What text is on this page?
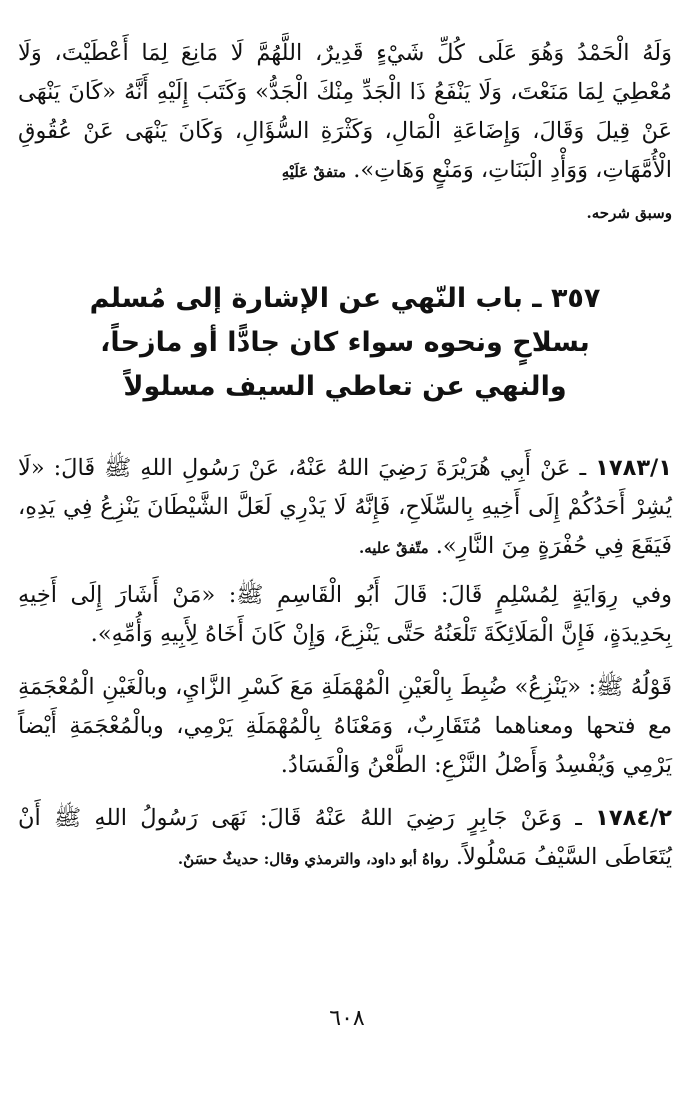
وَلَهُ الْحَمْدُ وَهُوَ عَلَى كُلِّ شَيْءٍ قَدِيرٌ، اللَّهُمَّ لَا مَانِعَ لِمَا أَعْطَيْتَ، وَلَا مُعْطِيَ لِمَا مَنَعْتَ، وَلَا يَنْفَعُ ذَا الْجَدِّ مِنْكَ الْجَدُّ» وَكَتَبَ إِلَيْهِ أَنَّهُ «كَانَ يَنْهَى عَنْ قِيلَ وَقَالَ، وَإِضَاعَةِ الْمَالِ، وَكَثْرَةِ السُّؤَالِ، وَكَانَ يَنْهَى عَنْ عُقُوقِ الْأُمَّهَاتِ، وَوَأْدِ الْبَنَاتِ، وَمَنْعٍ وَهَاتِ». متفقٌ عَلَيْهِ
وسبق شرحه.

٣٥٧ ـ باب النّهي عن الإشارة إلى مُسلم
بسلاحٍ ونحوه سواء كان جادًّا أو مازحاً،
والنهي عن تعاطي السيف مسلولاً

١٧٨٣/١ ـ عَنْ أَبِي هُرَيْرَةَ رَضِيَ اللهُ عَنْهُ، عَنْ رَسُولِ اللهِ ﷺ قَالَ: «لَا يُشِرْ أَحَدُكُمْ إِلَى أَخِيهِ بِالسِّلَاحِ، فَإِنَّهُ لَا يَدْرِي لَعَلَّ الشَّيْطَانَ يَنْزِعُ فِي يَدِهِ، فَيَقَعَ فِي حُفْرَةٍ مِنَ النَّارِ». متّفقٌ عليه.

وفي رِوَايَةٍ لِمُسْلِمٍ قَالَ: قَالَ أَبُو الْقَاسِمِ ﷺ: «مَنْ أَشَارَ إِلَى أَخِيهِ بِحَدِيدَةٍ، فَإِنَّ الْمَلَائِكَةَ تَلْعَنُهُ حَتَّى يَنْزِعَ، وَإِنْ كَانَ أَخَاهُ لِأَبِيهِ وَأُمِّهِ».

قَوْلُهُ ﷺ: «يَنْزِعُ» ضُبِطَ بِالْعَيْنِ الْمُهْمَلَةِ مَعَ كَسْرِ الزَّايِ، وبالْغَيْنِ الْمُعْجَمَةِ مع فتحها ومعناهما مُتَقَارِبٌ، وَمَعْنَاهُ بِالْمُهْمَلَةِ يَرْمِي، وبالْمُعْجَمَةِ أَيْضاً يَرْمِي وَيُفْسِدُ وَأَصْلُ النَّزْعِ: الطَّعْنُ وَالْفَسَادُ.

١٧٨٤/٢ ـ وَعَنْ جَابِرٍ رَضِيَ اللهُ عَنْهُ قَالَ: نَهَى رَسُولُ اللهِ ﷺ أَنْ يُتَعَاطَى السَّيْفُ مَسْلُولاً. رواهُ أبو داود، والترمذي وقال: حديثٌ حسَنٌ.

٦٠٨
